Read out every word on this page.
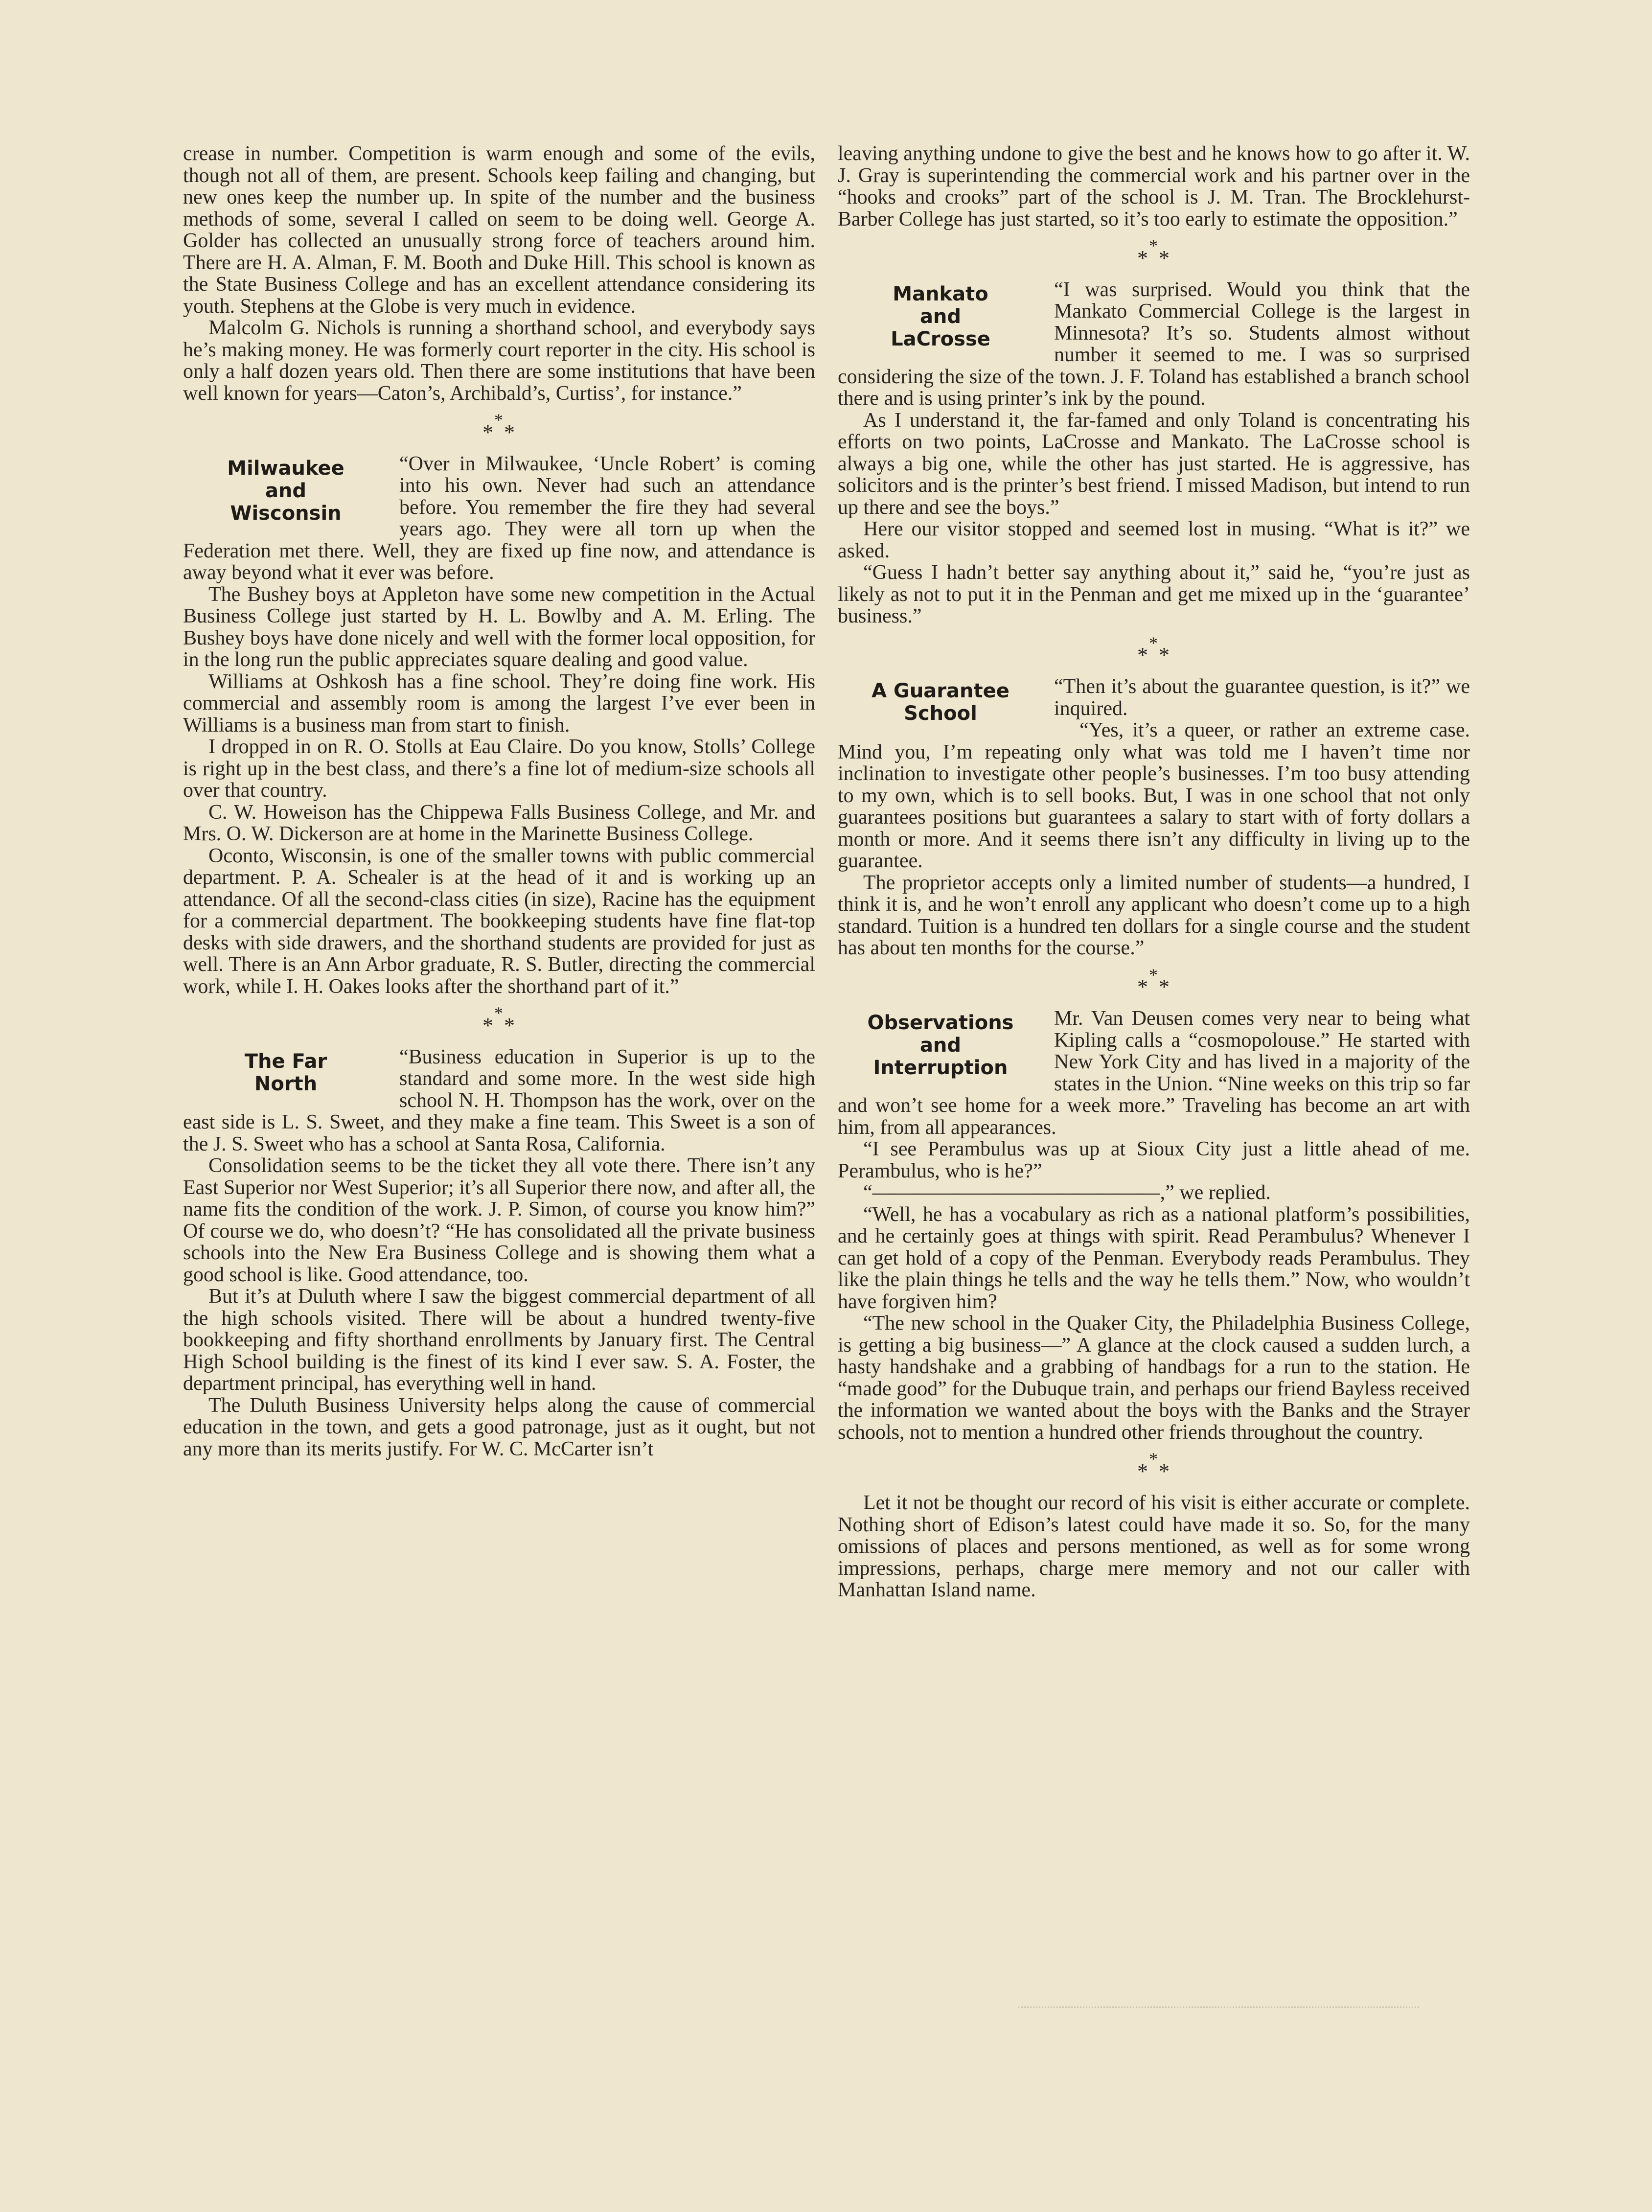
crease in number. Competition is warm enough and some of the evils, though not all of them, are present. Schools keep failing and changing, but new ones keep the number up. In spite of the number and the business methods of some, several I called on seem to be doing well. George A. Golder has collected an unusually strong force of teachers around him. There are H. A. Alman, F. M. Booth and Duke Hill. This school is known as the State Business College and has an excellent attendance considering its youth. Stephens at the Globe is very much in evidence.

Malcolm G. Nichols is running a shorthand school, and everybody says he’s making money. He was formerly court reporter in the city. His school is only a half dozen years old. Then there are some institutions that have been well known for years—Caton’s, Archibald’s, Curtiss’, for instance.”

***
Milwaukee
and
Wisconsin

“Over in Milwaukee, ‘Uncle Robert’ is coming into his own. Never had such an attendance before. You remember the fire they had several years ago. They were all torn up when the Federation met there. Well, they are fixed up fine now, and attendance is away beyond what it ever was before.

The Bushey boys at Appleton have some new competition in the Actual Business College just started by H. L. Bowlby and A. M. Erling. The Bushey boys have done nicely and well with the former local opposition, for in the long run the public appreciates square dealing and good value.

Williams at Oshkosh has a fine school. They’re doing fine work. His commercial and assembly room is among the largest I’ve ever been in Williams is a business man from start to finish.

I dropped in on R. O. Stolls at Eau Claire. Do you know, Stolls’ College is right up in the best class, and there’s a fine lot of medium-size schools all over that country.

C. W. Howeison has the Chippewa Falls Business College, and Mr. and Mrs. O. W. Dickerson are at home in the Marinette Business College.

Oconto, Wisconsin, is one of the smaller towns with public commercial department. P. A. Schealer is at the head of it and is working up an attendance. Of all the second-class cities (in size), Racine has the equipment for a commercial department. The bookkeeping students have fine flat-top desks with side drawers, and the shorthand students are provided for just as well. There is an Ann Arbor graduate, R. S. Butler, directing the commercial work, while I. H. Oakes looks after the shorthand part of it.”

***
The Far
North

“Business education in Superior is up to the standard and some more. In the west side high school N. H. Thompson has the work, over on the east side is L. S. Sweet, and they make a fine team. This Sweet is a son of the J. S. Sweet who has a school at Santa Rosa, California.

Consolidation seems to be the ticket they all vote there. There isn’t any East Superior nor West Superior; it’s all Superior there now, and after all, the name fits the condition of the work. J. P. Simon, of course you know him?” Of course we do, who doesn’t? “He has consolidated all the private business schools into the New Era Business College and is showing them what a good school is like. Good attendance, too.

But it’s at Duluth where I saw the biggest commercial department of all the high schools visited. There will be about a hundred twenty-five bookkeeping and fifty shorthand enrollments by January first. The Central High School building is the finest of its kind I ever saw. S. A. Foster, the department principal, has everything well in hand.

The Duluth Business University helps along the cause of commercial education in the town, and gets a good patronage, just as it ought, but not any more than its merits justify. For W. C. McCarter isn’t

leaving anything undone to give the best and he knows how to go after it. W. J. Gray is superintending the commercial work and his partner over in the “hooks and crooks” part of the school is J. M. Tran. The Brocklehurst-Barber College has just started, so it’s too early to estimate the opposition.”

***
Mankato
and
LaCrosse

“I was surprised. Would you think that the Mankato Commercial College is the largest in Minnesota? It’s so. Students almost without number it seemed to me. I was so surprised considering the size of the town. J. F. Toland has established a branch school there and is using printer’s ink by the pound.

As I understand it, the far-famed and only Toland is concentrating his efforts on two points, LaCrosse and Mankato. The LaCrosse school is always a big one, while the other has just started. He is aggressive, has solicitors and is the printer’s best friend. I missed Madison, but intend to run up there and see the boys.”

Here our visitor stopped and seemed lost in musing. “What is it?” we asked.

“Guess I hadn’t better say anything about it,” said he, “you’re just as likely as not to put it in the Penman and get me mixed up in the ‘guarantee’ business.”

***
A Guarantee
School

“Then it’s about the guarantee question, is it?” we inquired.

“Yes, it’s a queer, or rather an extreme case. Mind you, I’m repeating only what was told me I haven’t time nor inclination to investigate other people’s businesses. I’m too busy attending to my own, which is to sell books. But, I was in one school that not only guarantees positions but guarantees a salary to start with of forty dollars a month or more. And it seems there isn’t any difficulty in living up to the guarantee.

The proprietor accepts only a limited number of students—a hundred, I think it is, and he won’t enroll any applicant who doesn’t come up to a high standard. Tuition is a hundred ten dollars for a single course and the student has about ten months for the course.”

***
Observations
and
Interruption

Mr. Van Deusen comes very near to being what Kipling calls a “cosmopolouse.” He started with New York City and has lived in a majority of the states in the Union. “Nine weeks on this trip so far and won’t see home for a week more.” Traveling has become an art with him, from all appearances.

“I see Perambulus was up at Sioux City just a little ahead of me. Perambulus, who is he?”

“——————————————,” we replied.

“Well, he has a vocabulary as rich as a national platform’s possibilities, and he certainly goes at things with spirit. Read Perambulus? Whenever I can get hold of a copy of the Penman. Everybody reads Perambulus. They like the plain things he tells and the way he tells them.” Now, who wouldn’t have forgiven him?

“The new school in the Quaker City, the Philadelphia Business College, is getting a big business—” A glance at the clock caused a sudden lurch, a hasty handshake and a grabbing of handbags for a run to the station. He “made good” for the Dubuque train, and perhaps our friend Bayless received the information we wanted about the boys with the Banks and the Strayer schools, not to mention a hundred other friends throughout the country.

***

Let it not be thought our record of his visit is either accurate or complete. Nothing short of Edison’s latest could have made it so. So, for the many omissions of places and persons mentioned, as well as for some wrong impressions, perhaps, charge mere memory and not our caller with Manhattan Island name.
